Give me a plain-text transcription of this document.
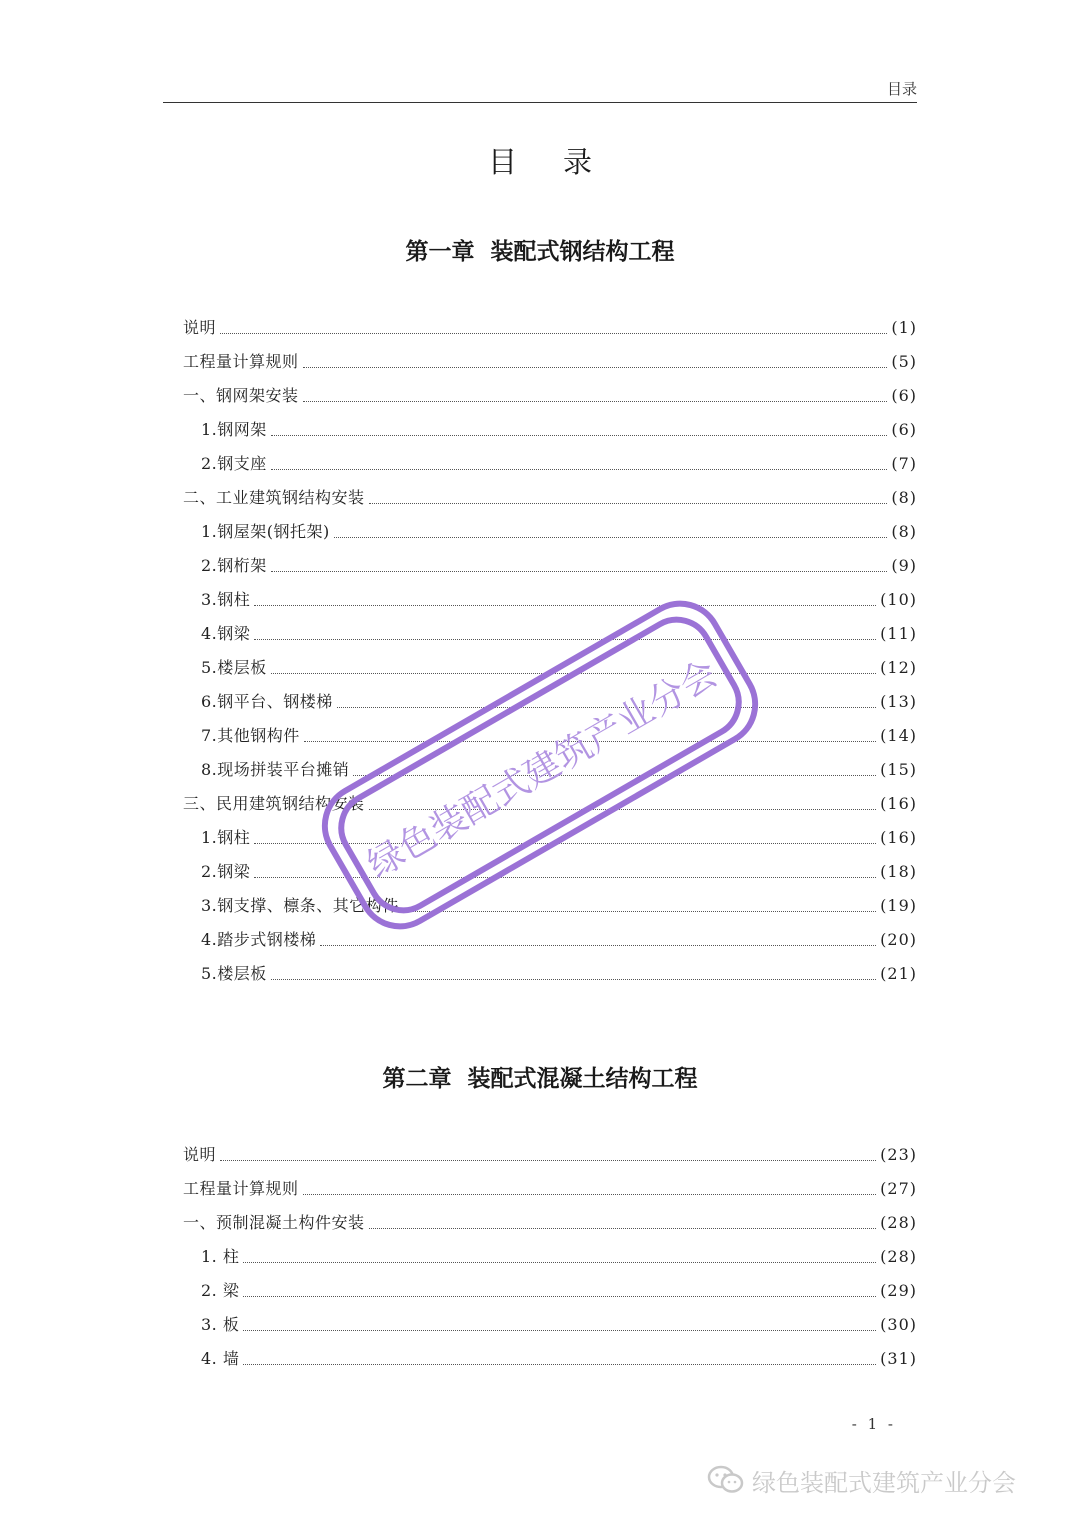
目录
目录
第一章  装配式钢结构工程
说明	(1)
工程量计算规则	(5)
一、钢网架安装	(6)
1.钢网架	(6)
2.钢支座	(7)
二、工业建筑钢结构安装	(8)
1.钢屋架(钢托架)	(8)
2.钢桁架	(9)
3.钢柱	(10)
4.钢梁	(11)
5.楼层板	(12)
6.钢平台、钢楼梯	(13)
7.其他钢构件	(14)
8.现场拼装平台摊销	(15)
三、民用建筑钢结构安装	(16)
1.钢柱	(16)
2.钢梁	(18)
3.钢支撑、檩条、其它构件	(19)
4.踏步式钢楼梯	(20)
5.楼层板	(21)
第二章  装配式混凝土结构工程
说明	(23)
工程量计算规则	(27)
一、预制混凝土构件安装	(28)
1. 柱	(28)
2. 梁	(29)
3. 板	(30)
4. 墙	(31)
- 1 -
绿色装配式建筑产业分会
绿色装配式建筑产业分会
